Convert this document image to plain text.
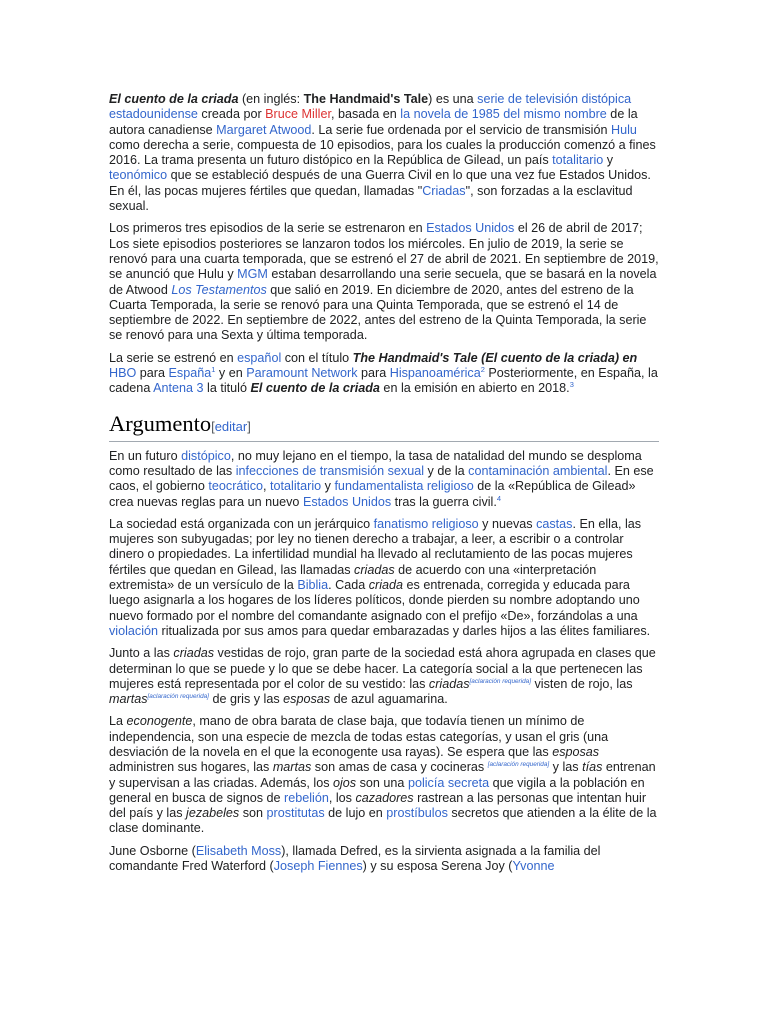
El cuento de la criada (en inglés: The Handmaid's Tale) es una serie de televisión distópica estadounidense creada por Bruce Miller, basada en la novela de 1985 del mismo nombre de la autora canadiense Margaret Atwood. La serie fue ordenada por el servicio de transmisión Hulu como derecha a serie, compuesta de 10 episodios, para los cuales la producción comenzó a fines 2016. La trama presenta un futuro distópico en la República de Gilead, un país totalitario y teonómico que se estableció después de una Guerra Civil en lo que una vez fue Estados Unidos. En él, las pocas mujeres fértiles que quedan, llamadas "Criadas", son forzadas a la esclavitud sexual.

Los primeros tres episodios de la serie se estrenaron en Estados Unidos el 26 de abril de 2017; Los siete episodios posteriores se lanzaron todos los miércoles. En julio de 2019, la serie se renovó para una cuarta temporada, que se estrenó el 27 de abril de 2021. En septiembre de 2019, se anunció que Hulu y MGM estaban desarrollando una serie secuela, que se basará en la novela de Atwood Los Testamentos que salió en 2019. En diciembre de 2020, antes del estreno de la Cuarta Temporada, la serie se renovó para una Quinta Temporada, que se estrenó el 14 de septiembre de 2022. En septiembre de 2022, antes del estreno de la Quinta Temporada, la serie se renovó para una Sexta y última temporada.

La serie se estrenó en español con el título The Handmaid's Tale (El cuento de la criada) en HBO para España$^1$ y en Paramount Network para Hispanoamérica$^2$ Posteriormente, en España, la cadena Antena 3 la tituló El cuento de la criada en la emisión en abierto en 2018.$^3$

Argumento[editar]

En un futuro distópico, no muy lejano en el tiempo, la tasa de natalidad del mundo se desploma como resultado de las infecciones de transmisión sexual y de la contaminación ambiental. En ese caos, el gobierno teocrático, totalitario y fundamentalista religioso de la «República de Gilead» crea nuevas reglas para un nuevo Estados Unidos tras la guerra civil.$^4$

La sociedad está organizada con un jerárquico fanatismo religioso y nuevas castas. En ella, las mujeres son subyugadas; por ley no tienen derecho a trabajar, a leer, a escribir o a controlar dinero o propiedades. La infertilidad mundial ha llevado al reclutamiento de las pocas mujeres fértiles que quedan en Gilead, las llamadas criadas de acuerdo con una «interpretación extremista» de un versículo de la Biblia. Cada criada es entrenada, corregida y educada para luego asignarla a los hogares de los líderes políticos, donde pierden su nombre adoptando uno nuevo formado por el nombre del comandante asignado con el prefijo «De», forzándolas a una violación ritualizada por sus amos para quedar embarazadas y darles hijos a las élites familiares.

Junto a las criadas vestidas de rojo, gran parte de la sociedad está ahora agrupada en clases que determinan lo que se puede y lo que se debe hacer. La categoría social a la que pertenecen las mujeres está representada por el color de su vestido: las criadas[aclaración requerida] visten de rojo, las martas[aclaración requerida] de gris y las esposas de azul aguamarina.

La econogente, mano de obra barata de clase baja, que todavía tienen un mínimo de independencia, son una especie de mezcla de todas estas categorías, y usan el gris (una desviación de la novela en el que la econogente usa rayas). Se espera que las esposas administren sus hogares, las martas son amas de casa y cocineras [aclaración requerida] y las tías entrenan y supervisan a las criadas. Además, los ojos son una policía secreta que vigila a la población en general en busca de signos de rebelión, los cazadores rastrean a las personas que intentan huir del país y las jezabeles son prostitutas de lujo en prostíbulos secretos que atienden a la élite de la clase dominante.

June Osborne (Elisabeth Moss), llamada Defred, es la sirvienta asignada a la familia del comandante Fred Waterford (Joseph Fiennes) y su esposa Serena Joy (Yvonne
